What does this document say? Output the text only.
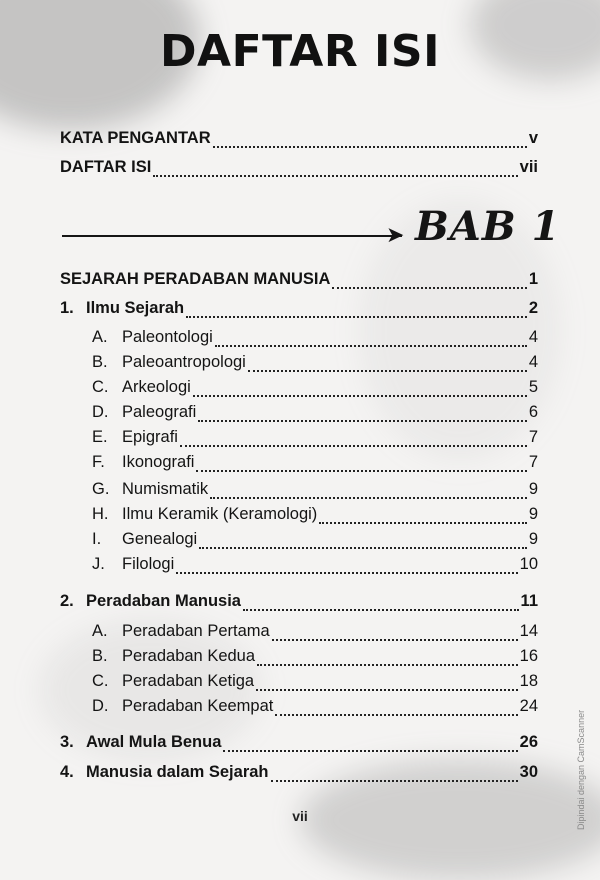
DAFTAR ISI
KATA PENGANTAR	v
DAFTAR ISI	vii
➤ BAB 1
SEJARAH PERADABAN MANUSIA	1
1. Ilmu Sejarah	2
A. Paleontologi	4
B. Paleoantropologi	4
C. Arkeologi	5
D. Paleografi	6
E. Epigrafi	7
F. Ikonografi	7
G. Numismatik	9
H. Ilmu Keramik (Keramologi)	9
I. Genealogi	9
J. Filologi	10
2. Peradaban Manusia	11
A. Peradaban Pertama	14
B. Peradaban Kedua	16
C. Peradaban Ketiga	18
D. Peradaban Keempat	24
3. Awal Mula Benua	26
4. Manusia dalam Sejarah	30
vii	Dipindai dengan CamScanner
